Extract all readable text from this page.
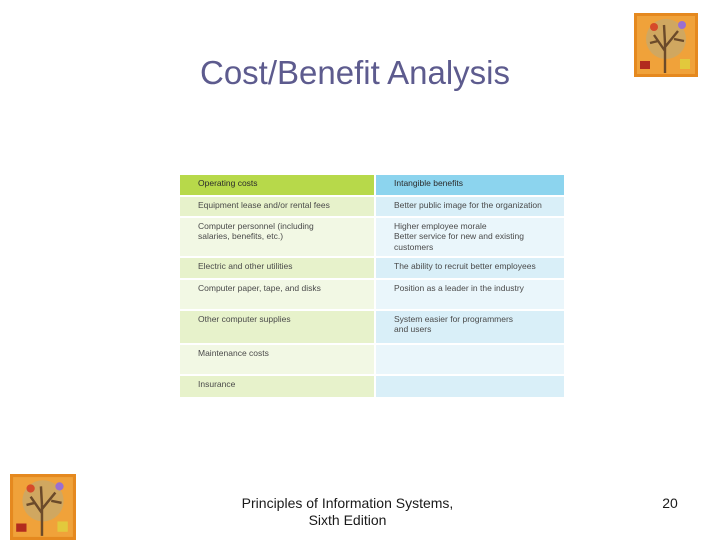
Cost/Benefit Analysis
Operating costs	Intangible benefits

Equipment lease and/or rental fees	Better public image for the organization

Computer personnel (including
salaries, benefits, etc.)	Higher employee morale
Better service for new and existing
customers

Electric and other utilities	The ability to recruit better employees

Computer paper, tape, and disks	Position as a leader in the industry

Other computer supplies	System easier for programmers
and users

Maintenance costs	

Insurance	

Principles of Information Systems,
Sixth Edition
20
